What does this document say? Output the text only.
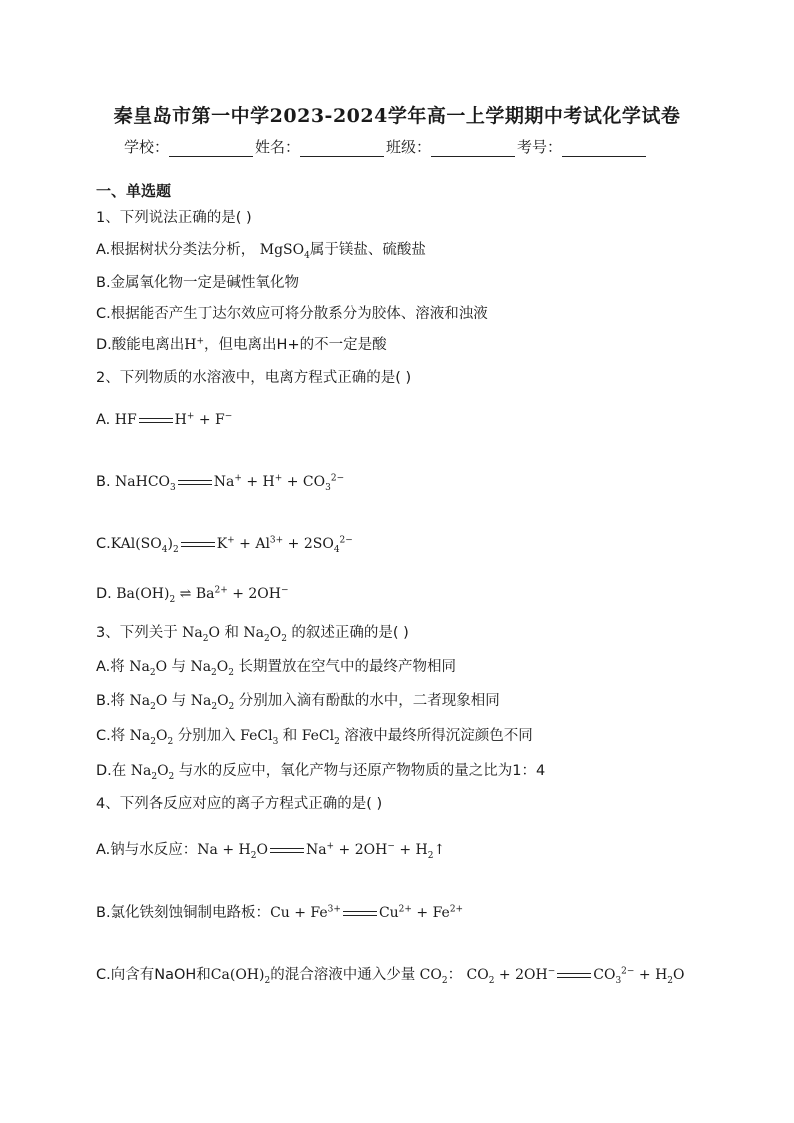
秦皇岛市第一中学2023-2024学年高一上学期期中考试化学试卷
学校：	姓名：	班级：	考号：
一、单选题
1、下列说法正确的是( )
A.根据树状分类法分析， MgSO$_4$属于镁盐、硫酸盐
B.金属氧化物一定是碱性氧化物
C.根据能否产生丁达尔效应可将分散系分为胶体、溶液和浊液
D.酸能电离出H+，但电离出H+的不一定是酸
2、下列物质的水溶液中，电离方程式正确的是( )
A. HF	H+ + F−
B. NaHCO$_3$	$Na^+ + H^+ + CO_3^{2-}$
$C.KAl(SO_4)_2$	$K^+ + Al^{3+} + 2SO_4^{2-}$
D. $Ba(OH)_2$ ⇌ $Ba^{2+} + 2OH^-$
3、下列关于 $Na_2O$ 和 $Na_2O_2$ 的叙述正确的是( )
A.将 $Na_2O$ 与 $Na_2O_2$ 长期置放在空气中的最终产物相同
B.将 $Na_2O$ 与 $Na_2O_2$ 分别加入滴有酚酞的水中，二者现象相同
C.将 $Na_2O_2$ 分别加入 FeCl$_3$ 和 FeCl$_2$ 溶液中最终所得沉淀颜色不同
D.在 $Na_2O_2$ 与水的反应中，氧化产物与还原产物物质的量之比为1：4
4、下列各反应对应的离子方程式正确的是( )
A.钠与水反应：$Na + H_2O$	$Na^+ + 2OH^- + H_2↑$
B.氯化铁刻蚀铜制电路板：$Cu + Fe^{3+}$	$Cu^{2+} + Fe^{2+}$
C.向含有NaOH和$Ca(OH)_2$的混合溶液中通入少量 $CO_2$： $CO_2 + 2OH^-$	$CO_3^{2-} + H_2O$
